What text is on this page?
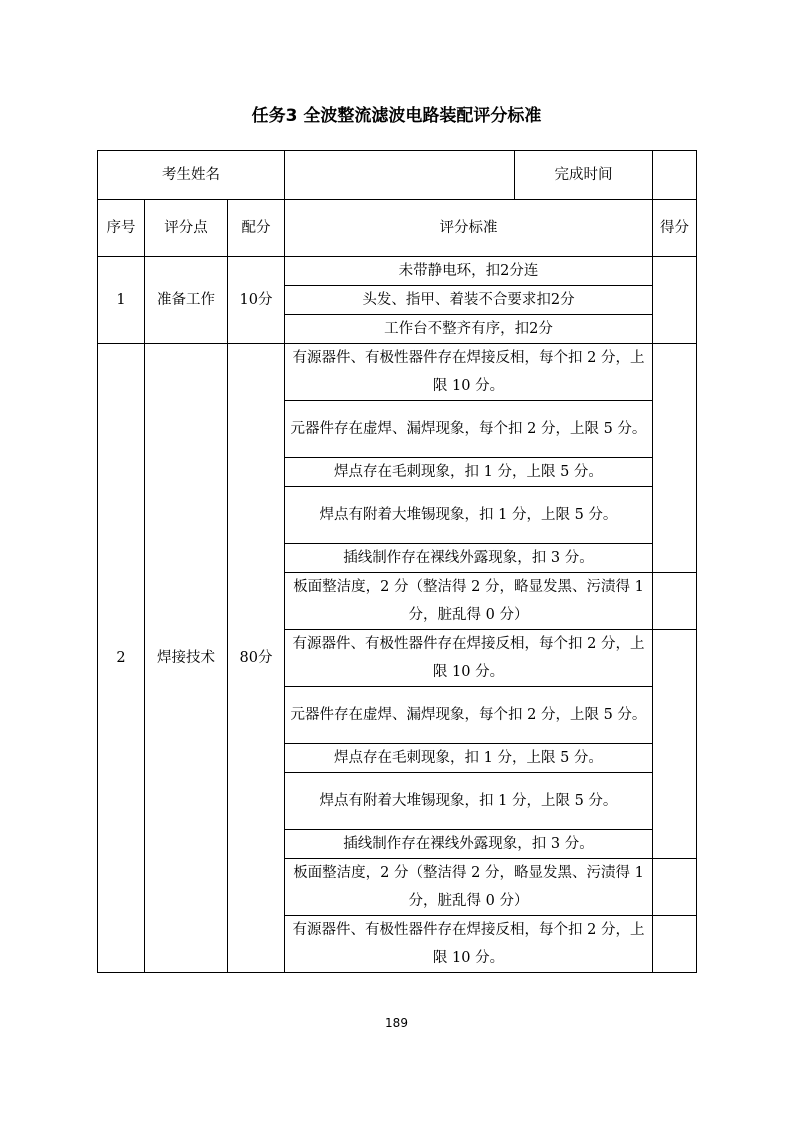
任务3 全波整流滤波电路装配评分标准
考生姓名				完成时间	
序号	评分点	配分	评分标准		得分
1	准备工作	10分	未带静电环，扣2分连		
			头发、指甲、着装不合要求扣2分		
			工作台不整齐有序，扣2分		
2	焊接技术	80分	有源器件、有极性器件存在焊接反相，每个扣 2 分，上限 10 分。		
			元器件存在虚焊、漏焊现象，每个扣 2 分，上限 5 分。		
			焊点存在毛刺现象，扣 1 分，上限 5 分。		
			焊点有附着大堆锡现象，扣 1 分，上限 5 分。		
			插线制作存在裸线外露现象，扣 3 分。		
			板面整洁度，2 分（整洁得 2 分，略显发黑、污渍得 1 分，脏乱得 0 分）		
			有源器件、有极性器件存在焊接反相，每个扣 2 分，上限 10 分。		
			元器件存在虚焊、漏焊现象，每个扣 2 分，上限 5 分。		
			焊点存在毛刺现象，扣 1 分，上限 5 分。		
			焊点有附着大堆锡现象，扣 1 分，上限 5 分。		
			插线制作存在裸线外露现象，扣 3 分。		
			板面整洁度，2 分（整洁得 2 分，略显发黑、污渍得 1 分，脏乱得 0 分）		
			有源器件、有极性器件存在焊接反相，每个扣 2 分，上限 10 分。		
189
